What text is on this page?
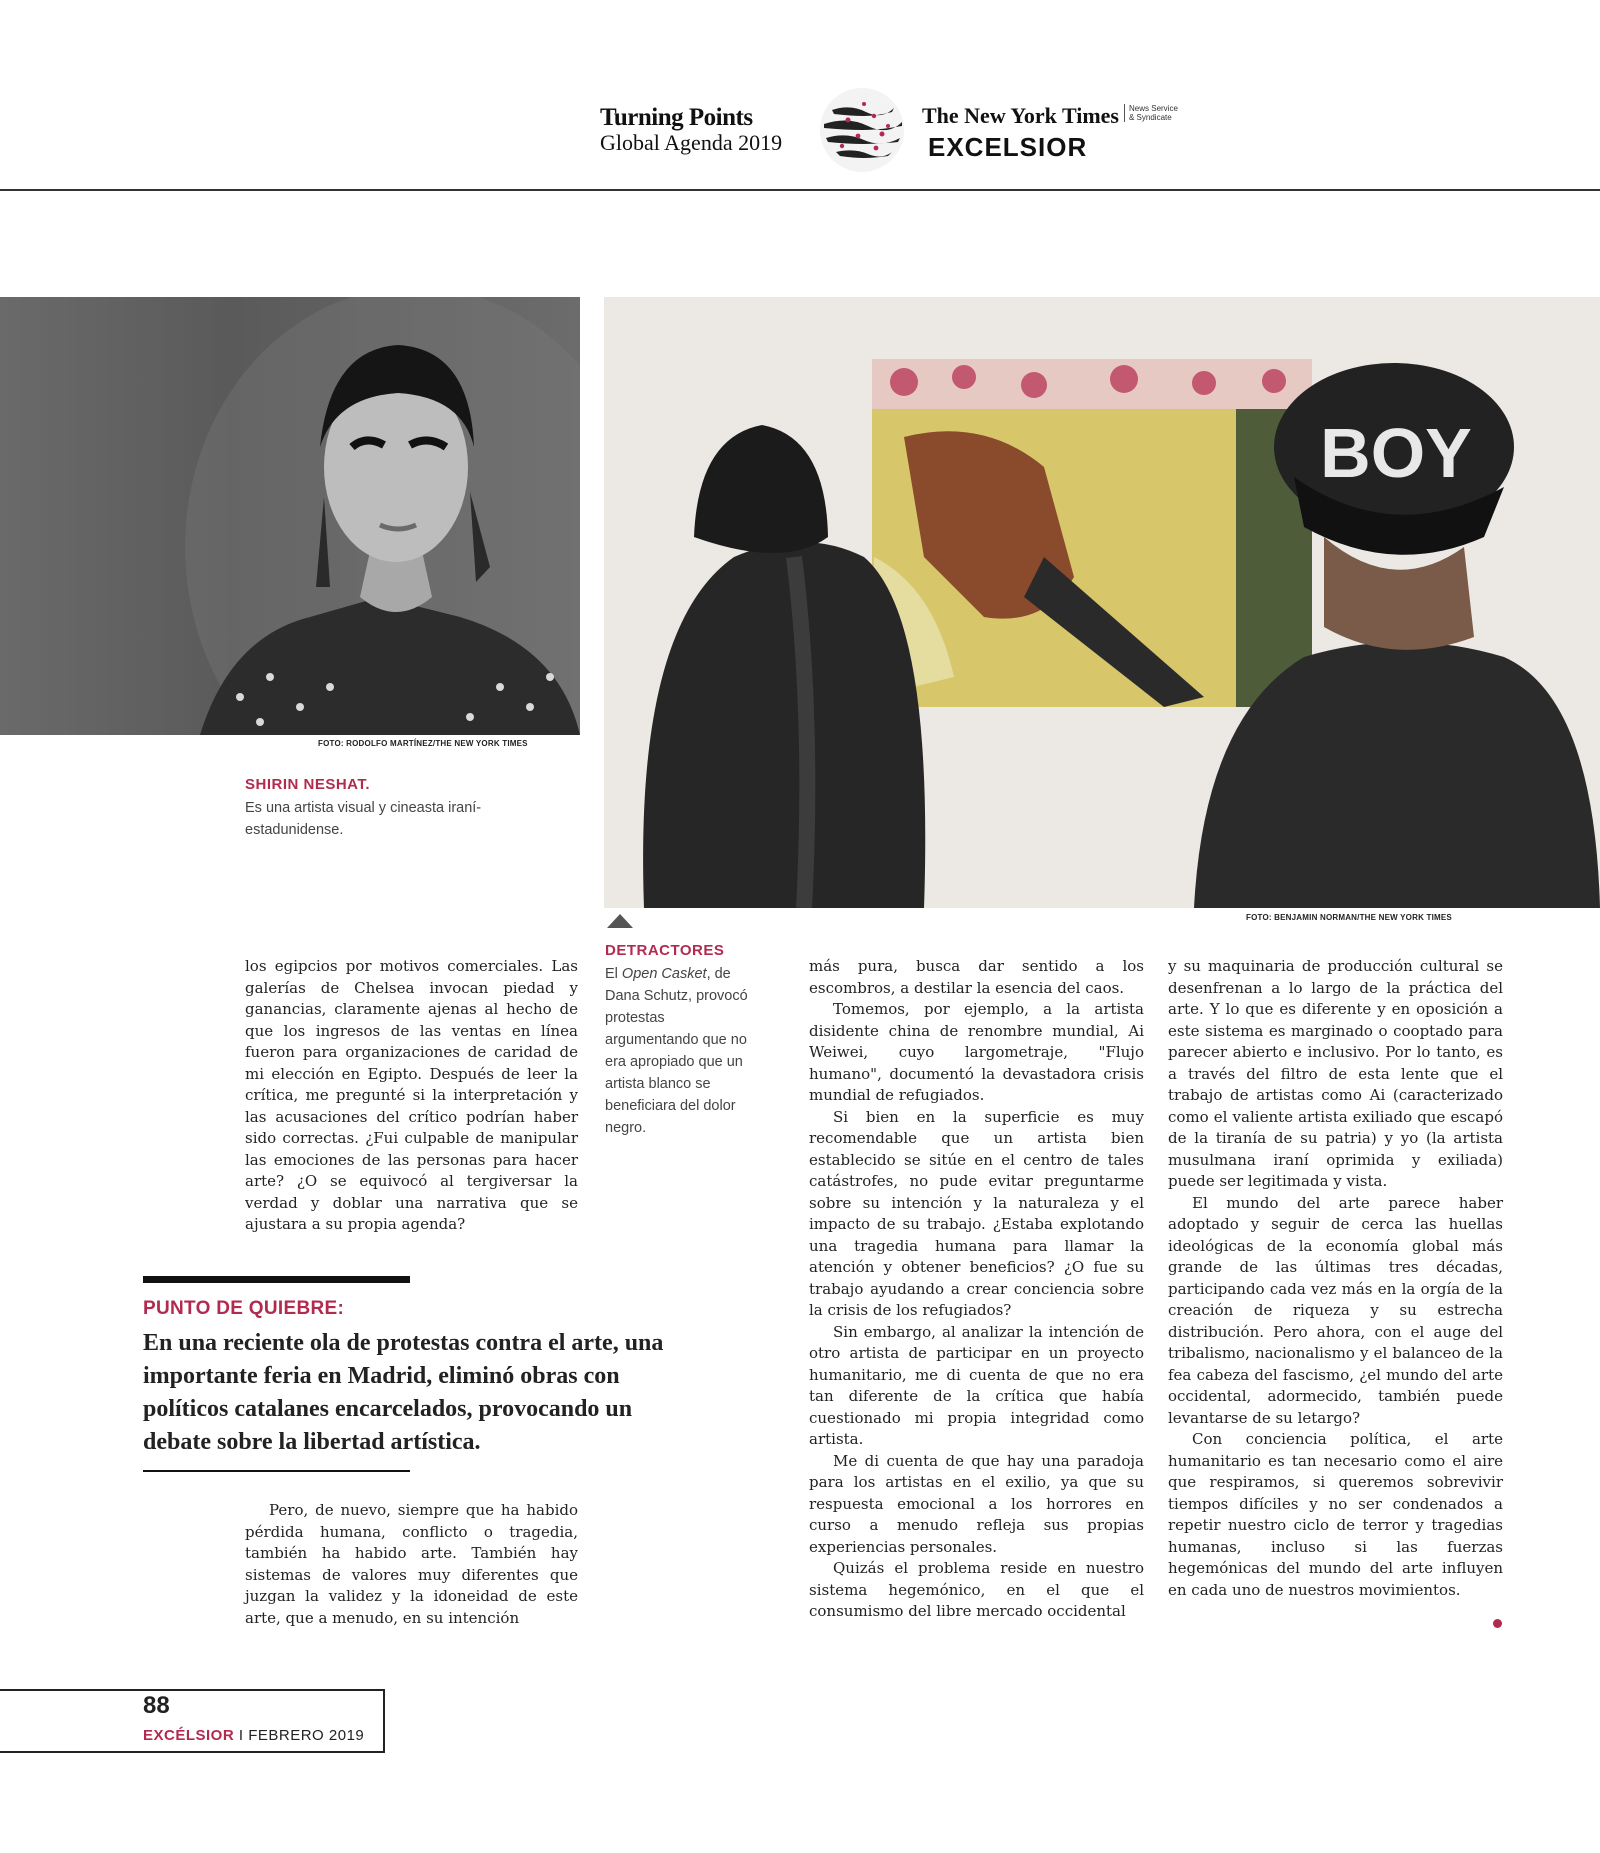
Turning Points
Global Agenda 2019
The New York Times	News Service
& Syndicate
EXCELSIOR
FOTO: RODOLFO MARTÍNEZ/THE NEW YORK TIMES
SHIRIN NESHAT.
Es una artista visual y cineasta iraní-estadunidense.
BOY
FOTO: BENJAMIN NORMAN/THE NEW YORK TIMES
DETRACTORES
El Open Casket, de Dana Schutz, provocó protestas argumentando que no era apropiado que un artista blanco se beneficiara del dolor negro.

los egipcios por motivos comerciales. Las galerías de Chelsea invocan piedad y ganancias, claramente ajenas al hecho de que los ingresos de las ventas en línea fueron para organizaciones de caridad de mi elección en Egipto. Después de leer la crítica, me pregunté si la interpretación y las acusaciones del crítico podrían haber sido correctas. ¿Fui culpable de manipular las emociones de las personas para hacer arte? ¿O se equivocó al tergiversar la verdad y doblar una narrativa que se ajustara a su propia agenda?

PUNTO DE QUIEBRE:
En una reciente ola de protestas contra el arte, una importante feria en Madrid, eliminó obras con políticos catalanes encarcelados, provocando un debate sobre la libertad artística.

Pero, de nuevo, siempre que ha habido pérdida humana, conflicto o tragedia, también ha habido arte. También hay sistemas de valores muy diferentes que juzgan la validez y la idoneidad de este arte, que a menudo, en su intención

más pura, busca dar sentido a los escombros, a destilar la esencia del caos.

Tomemos, por ejemplo, a la artista disidente china de renombre mundial, Ai Weiwei, cuyo largometraje, "Flujo humano", documentó la devastadora crisis mundial de refugiados.

Si bien en la superficie es muy recomendable que un artista bien establecido se sitúe en el centro de tales catástrofes, no pude evitar preguntarme sobre su intención y la naturaleza y el impacto de su trabajo. ¿Estaba explotando una tragedia humana para llamar la atención y obtener beneficios? ¿O fue su trabajo ayudando a crear conciencia sobre la crisis de los refugiados?

Sin embargo, al analizar la intención de otro artista de participar en un proyecto humanitario, me di cuenta de que no era tan diferente de la crítica que había cuestionado mi propia integridad como artista.

Me di cuenta de que hay una paradoja para los artistas en el exilio, ya que su respuesta emocional a los horrores en curso a menudo refleja sus propias experiencias personales.

Quizás el problema reside en nuestro sistema hegemónico, en el que el consumismo del libre mercado occidental

y su maquinaria de producción cultural se desenfrenan a lo largo de la práctica del arte. Y lo que es diferente y en oposición a este sistema es marginado o cooptado para parecer abierto e inclusivo. Por lo tanto, es a través del filtro de esta lente que el trabajo de artistas como Ai (caracterizado como el valiente artista exiliado que escapó de la tiranía de su patria) y yo (la artista musulmana iraní oprimida y exiliada) puede ser legitimada y vista.

El mundo del arte parece haber adoptado y seguir de cerca las huellas ideológicas de la economía global más grande de las últimas tres décadas, participando cada vez más en la orgía de la creación de riqueza y su estrecha distribución. Pero ahora, con el auge del tribalismo, nacionalismo y el balanceo de la fea cabeza del fascismo, ¿el mundo del arte occidental, adormecido, también puede levantarse de su letargo?

Con conciencia política, el arte humanitario es tan necesario como el aire que respiramos, si queremos sobrevivir tiempos difíciles y no ser condenados a repetir nuestro ciclo de terror y tragedias humanas, incluso si las fuerzas hegemónicas del mundo del arte influyen en cada uno de nuestros movimientos.

88
EXCÉLSIOR I FEBRERO 2019
